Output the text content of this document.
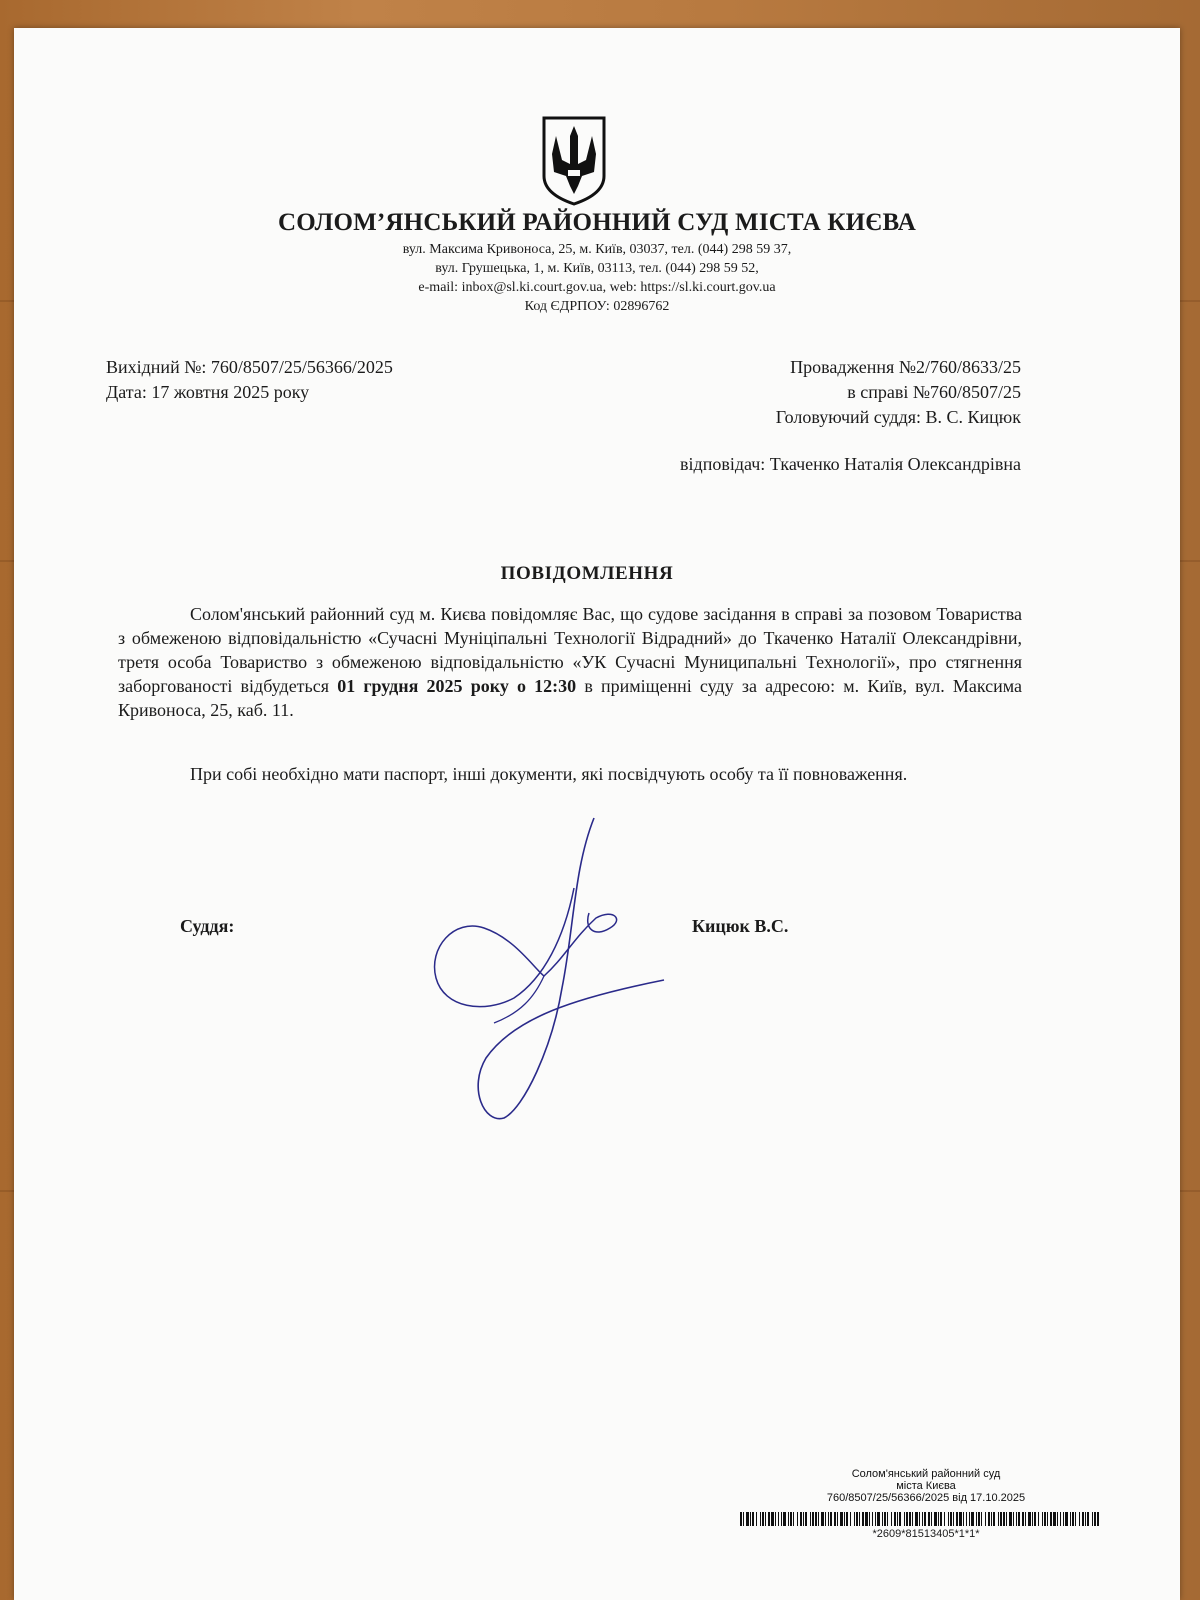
СОЛОМ’ЯНСЬКИЙ РАЙОННИЙ СУД МІСТА КИЄВА
вул. Максима Кривоноса, 25, м. Київ, 03037, тел. (044) 298 59 37,
вул. Грушецька, 1, м. Київ, 03113, тел. (044) 298 59 52,
e-mail: inbox@sl.ki.court.gov.ua, web: https://sl.ki.court.gov.ua
Код ЄДРПОУ: 02896762
Вихідний №: 760/8507/25/56366/2025
Дата: 17 жовтня 2025 року
Провадження №2/760/8633/25
в справі №760/8507/25
Головуючий суддя: В. С. Кицюк
відповідач: Ткаченко Наталія Олександрівна
ПОВІДОМЛЕННЯ
Солом'янський районний суд м. Києва повідомляє Вас, що судове засідання в справі за позовом Товариства з обмеженою відповідальністю «Сучасні Муніціпальні Технології Відрадний» до Ткаченко Наталії Олександрівни, третя особа Товариство з обмеженою відповідальністю «УК Сучасні Муниципальні Технології», про стягнення заборгованості відбудеться 01 грудня 2025 року о 12:30 в приміщенні суду за адресою: м. Київ, вул. Максима Кривоноса, 25, каб. 11.
При собі необхідно мати паспорт, інші документи, які посвідчують особу та її повноваження.
Суддя:	Кицюк В.С.
Солом'янський районний суд
міста Києва
760/8507/25/56366/2025 від 17.10.2025
*2609*81513405*1*1*
